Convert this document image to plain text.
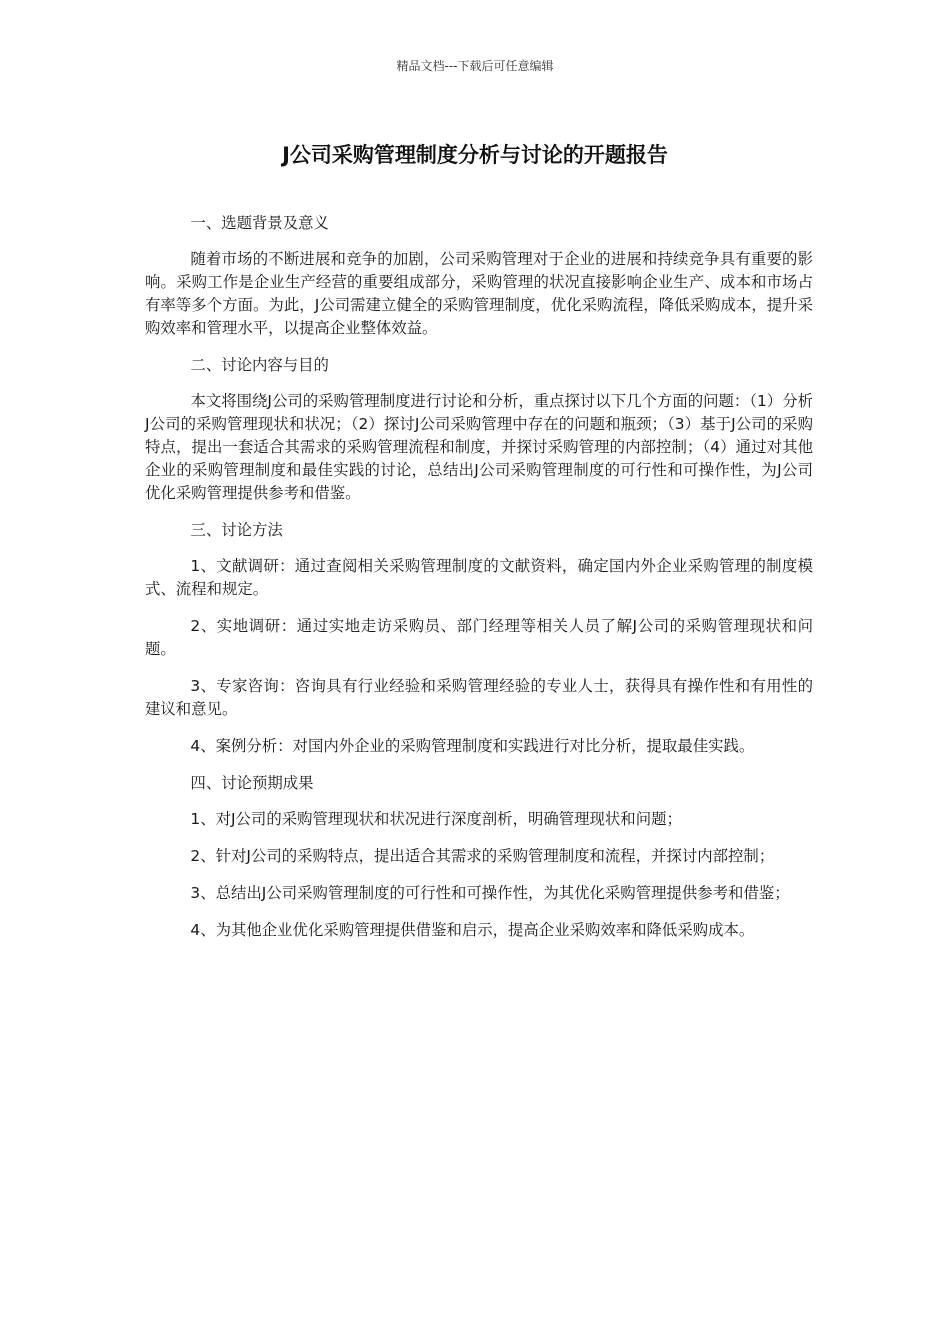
精品文档---下载后可任意编辑
J公司采购管理制度分析与讨论的开题报告

一、选题背景及意义

随着市场的不断进展和竞争的加剧，公司采购管理对于企业的进展和持续竞争具有重要的影响。采购工作是企业生产经营的重要组成部分，采购管理的状况直接影响企业生产、成本和市场占有率等多个方面。为此，J公司需建立健全的采购管理制度，优化采购流程，降低采购成本，提升采购效率和管理水平，以提高企业整体效益。

二、讨论内容与目的

本文将围绕J公司的采购管理制度进行讨论和分析，重点探讨以下几个方面的问题：（1）分析J公司的采购管理现状和状况；（2）探讨J公司采购管理中存在的问题和瓶颈；（3）基于J公司的采购特点，提出一套适合其需求的采购管理流程和制度，并探讨采购管理的内部控制；（4）通过对其他企业的采购管理制度和最佳实践的讨论，总结出J公司采购管理制度的可行性和可操作性，为J公司优化采购管理提供参考和借鉴。

三、讨论方法

1、文献调研：通过查阅相关采购管理制度的文献资料，确定国内外企业采购管理的制度模式、流程和规定。

2、实地调研：通过实地走访采购员、部门经理等相关人员了解J公司的采购管理现状和问题。

3、专家咨询：咨询具有行业经验和采购管理经验的专业人士，获得具有操作性和有用性的建议和意见。

4、案例分析：对国内外企业的采购管理制度和实践进行对比分析，提取最佳实践。

四、讨论预期成果

1、对J公司的采购管理现状和状况进行深度剖析，明确管理现状和问题；

2、针对J公司的采购特点，提出适合其需求的采购管理制度和流程，并探讨内部控制；

3、总结出J公司采购管理制度的可行性和可操作性，为其优化采购管理提供参考和借鉴；

4、为其他企业优化采购管理提供借鉴和启示，提高企业采购效率和降低采购成本。
